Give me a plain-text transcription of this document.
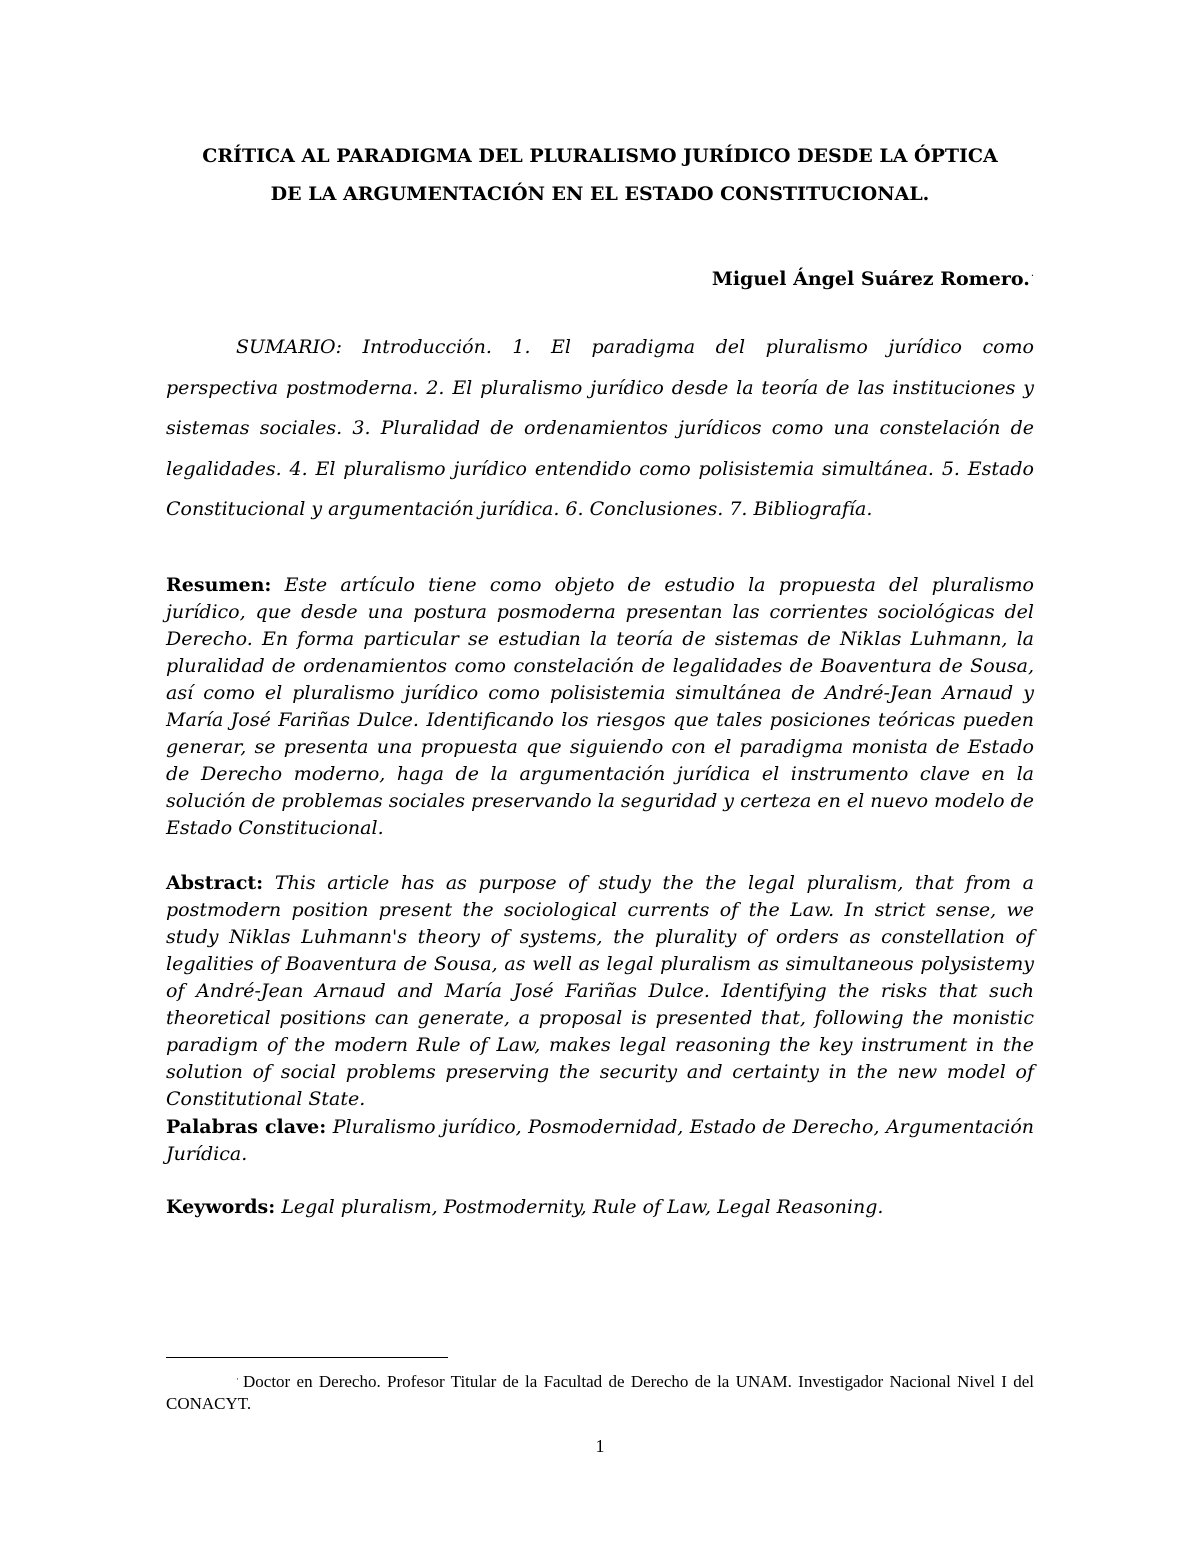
CRÍTICA AL PARADIGMA DEL PLURALISMO JURÍDICO DESDE LA ÓPTICA
DE LA ARGUMENTACIÓN EN EL ESTADO CONSTITUCIONAL.
Miguel Ángel Suárez Romero.·
SUMARIO: Introducción. 1. El paradigma del pluralismo jurídico como perspectiva postmoderna. 2. El pluralismo jurídico desde la teoría de las instituciones y sistemas sociales. 3. Pluralidad de ordenamientos jurídicos como una constelación de legalidades. 4. El pluralismo jurídico entendido como polisistemia simultánea. 5. Estado Constitucional y argumentación jurídica. 6. Conclusiones. 7. Bibliografía.
Resumen: Este artículo tiene como objeto de estudio la propuesta del pluralismo jurídico, que desde una postura posmoderna presentan las corrientes sociológicas del Derecho. En forma particular se estudian la teoría de sistemas de Niklas Luhmann, la pluralidad de ordenamientos como constelación de legalidades de Boaventura de Sousa, así como el pluralismo jurídico como polisistemia simultánea de André-Jean Arnaud y María José Fariñas Dulce. Identificando los riesgos que tales posiciones teóricas pueden generar, se presenta una propuesta que siguiendo con el paradigma monista de Estado de Derecho moderno, haga de la argumentación jurídica el instrumento clave en la solución de problemas sociales preservando la seguridad y certeza en el nuevo modelo de Estado Constitucional.
Abstract: This article has as purpose of study the the legal pluralism, that from a postmodern position present the sociological currents of the Law. In strict sense, we study Niklas Luhmann's theory of systems, the plurality of orders as constellation of legalities of Boaventura de Sousa, as well as legal pluralism as simultaneous polysistemy of André-Jean Arnaud and María José Fariñas Dulce. Identifying the risks that such theoretical positions can generate, a proposal is presented that, following the monistic paradigm of the modern Rule of Law, makes legal reasoning the key instrument in the solution of social problems preserving the security and certainty in the new model of Constitutional State.
Palabras clave: Pluralismo jurídico, Posmodernidad, Estado de Derecho, Argumentación Jurídica.
Keywords: Legal pluralism, Postmodernity, Rule of Law, Legal Reasoning.
· Doctor en Derecho. Profesor Titular de la Facultad de Derecho de la UNAM. Investigador Nacional Nivel I del CONACYT.
1
